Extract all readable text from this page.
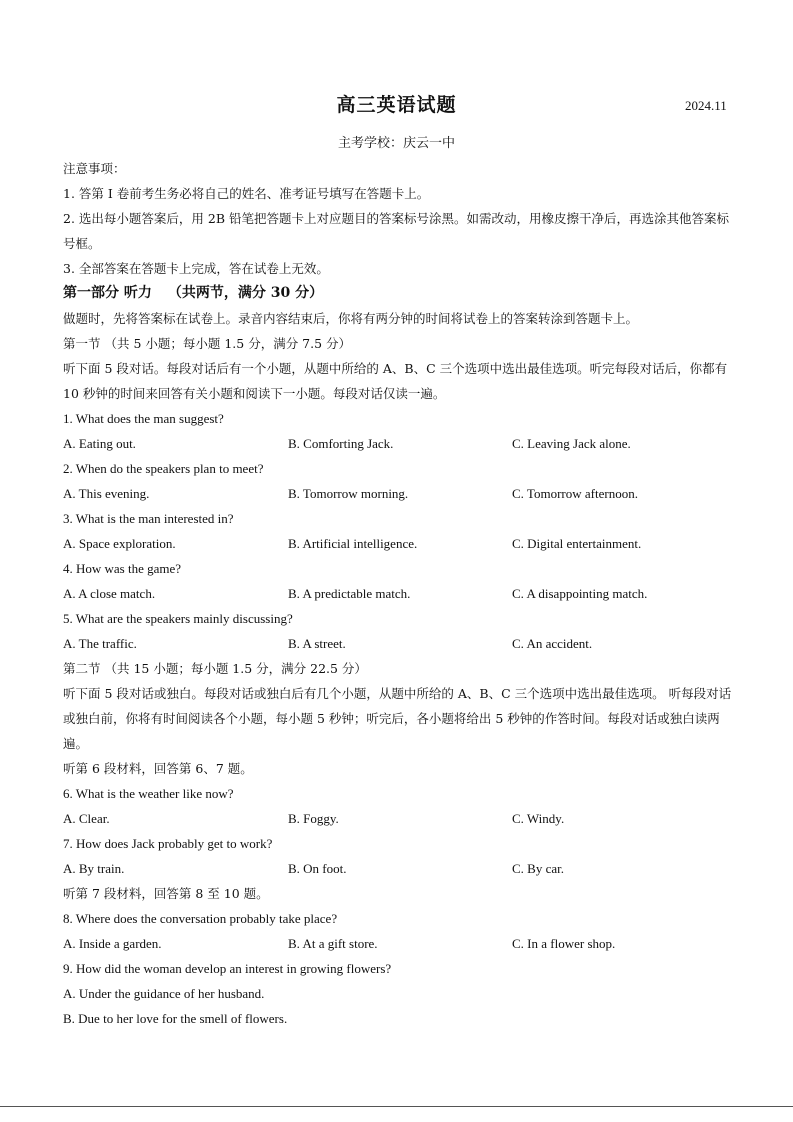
高三英语试题	2024.11
主考学校：庆云一中
注意事项：
1. 答第 I 卷前考生务必将自己的姓名、准考证号填写在答题卡上。
2. 选出每小题答案后，用 2B 铅笔把答题卡上对应题目的答案标号涂黑。如需改动，用橡皮擦干净后，再选涂其他答案标号框。
3. 全部答案在答题卡上完成，答在试卷上无效。
第一部分 听力 （共两节，满分 30 分）
做题时，先将答案标在试卷上。录音内容结束后，你将有两分钟的时间将试卷上的答案转涂到答题卡上。
第一节 （共 5 小题；每小题 1.5 分，满分 7.5 分）
听下面 5 段对话。每段对话后有一个小题，从题中所给的 A、B、C 三个选项中选出最佳选项。听完每段对话后，你都有 10 秒钟的时间来回答有关小题和阅读下一小题。每段对话仅读一遍。
1. What does the man suggest?
A. Eating out.	B. Comforting Jack.	C. Leaving Jack alone.
2. When do the speakers plan to meet?
A. This evening.	B. Tomorrow morning.	C. Tomorrow afternoon.
3. What is the man interested in?
A. Space exploration.	B. Artificial intelligence.	C. Digital entertainment.
4. How was the game?
A. A close match.	B. A predictable match.	C. A disappointing match.
5. What are the speakers mainly discussing?
A. The traffic.	B. A street.	C. An accident.
第二节 （共 15 小题；每小题 1.5 分，满分 22.5 分）
听下面 5 段对话或独白。每段对话或独白后有几个小题，从题中所给的 A、B、C 三个选项中选出最佳选项。 听每段对话或独白前，你将有时间阅读各个小题，每小题 5 秒钟；听完后，各小题将给出 5 秒钟的作答时间。每段对话或独白读两遍。
听第 6 段材料，回答第 6、7 题。
6. What is the weather like now?
A. Clear.	B. Foggy.	C. Windy.
7. How does Jack probably get to work?
A. By train.	B. On foot.	C. By car.
听第 7 段材料，回答第 8 至 10 题。
8. Where does the conversation probably take place?
A. Inside a garden.	B. At a gift store.	C. In a flower shop.
9. How did the woman develop an interest in growing flowers?
A. Under the guidance of her husband.
B. Due to her love for the smell of flowers.
